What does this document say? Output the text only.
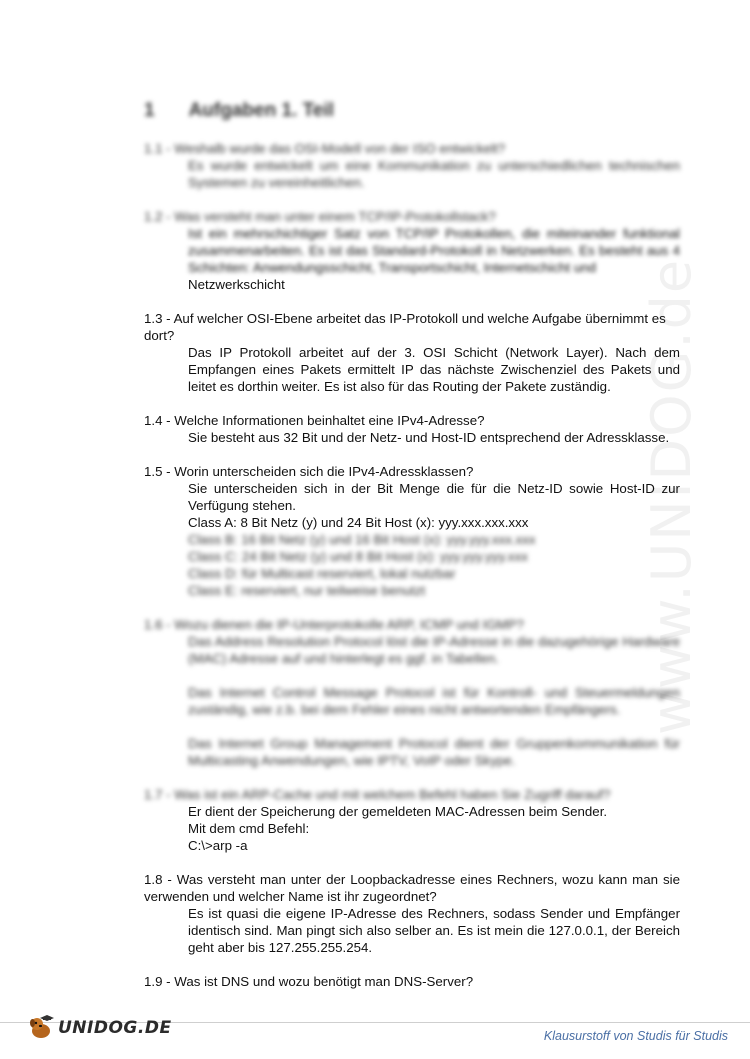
www.UNIDOG.de
1 Aufgaben 1. Teil

1.1 - Weshalb wurde das OSI-Modell von der ISO entwickelt?

Es wurde entwickelt um eine Kommunikation zu unterschiedlichen technischen Systemen zu vereinheitlichen.

1.2 - Was versteht man unter einem TCP/IP-Protokollstack?

Ist ein mehrschichtiger Satz von TCP/IP Protokollen, die miteinander funktional zusammenarbeiten. Es ist das Standard-Protokoll in Netzwerken. Es besteht aus 4 Schichten: Anwendungsschicht, Transportschicht, Internetschicht und

Netzwerkschicht

1.3 - Auf welcher OSI-Ebene arbeitet das IP-Protokoll und welche Aufgabe übernimmt es dort?

Das IP Protokoll arbeitet auf der 3. OSI Schicht (Network Layer). Nach dem Empfangen eines Pakets ermittelt IP das nächste Zwischenziel des Pakets und leitet es dorthin weiter. Es ist also für das Routing der Pakete zuständig.

1.4 - Welche Informationen beinhaltet eine IPv4-Adresse?

Sie besteht aus 32 Bit und der Netz- und Host-ID entsprechend der Adressklasse.

1.5 - Worin unterscheiden sich die IPv4-Adressklassen?

Sie unterscheiden sich in der Bit Menge die für die Netz-ID sowie Host-ID zur Verfügung stehen.

Class A: 8 Bit Netz (y) und 24 Bit Host (x): yyy.xxx.xxx.xxx

Class B: 16 Bit Netz (y) und 16 Bit Host (x): yyy.yyy.xxx.xxx

Class C: 24 Bit Netz (y) und 8 Bit Host (x): yyy.yyy.yyy.xxx

Class D: für Multicast reserviert, lokal nutzbar

Class E: reserviert, nur teilweise benutzt

1.6 - Wozu dienen die IP-Unterprotokolle ARP, ICMP und IGMP?

Das Address Resolution Protocol löst die IP-Adresse in die dazugehörige Hardware (MAC) Adresse auf und hinterlegt es ggf. in Tabellen.

Das Internet Control Message Protocol ist für Kontroll- und Steuermeldungen zuständig, wie z.b. bei dem Fehler eines nicht antwortenden Empfängers.

Das Internet Group Management Protocol dient der Gruppenkommunikation für Multicasting Anwendungen, wie IPTV, VoIP oder Skype.

1.7 - Was ist ein ARP-Cache und mit welchem Befehl haben Sie Zugriff darauf?

Er dient der Speicherung der gemeldeten MAC-Adressen beim Sender.

Mit dem cmd Befehl:

C:\>arp -a

1.8 - Was versteht man unter der Loopbackadresse eines Rechners, wozu kann man sie verwenden und welcher Name ist ihr zugeordnet?

Es ist quasi die eigene IP-Adresse des Rechners, sodass Sender und Empfänger identisch sind. Man pingt sich also selber an. Es ist mein die 127.0.0.1, der Bereich geht aber bis 127.255.255.254.

1.9 - Was ist DNS und wozu benötigt man DNS-Server?

UNIDOG.DE	Klausurstoff von Studis für Studis
